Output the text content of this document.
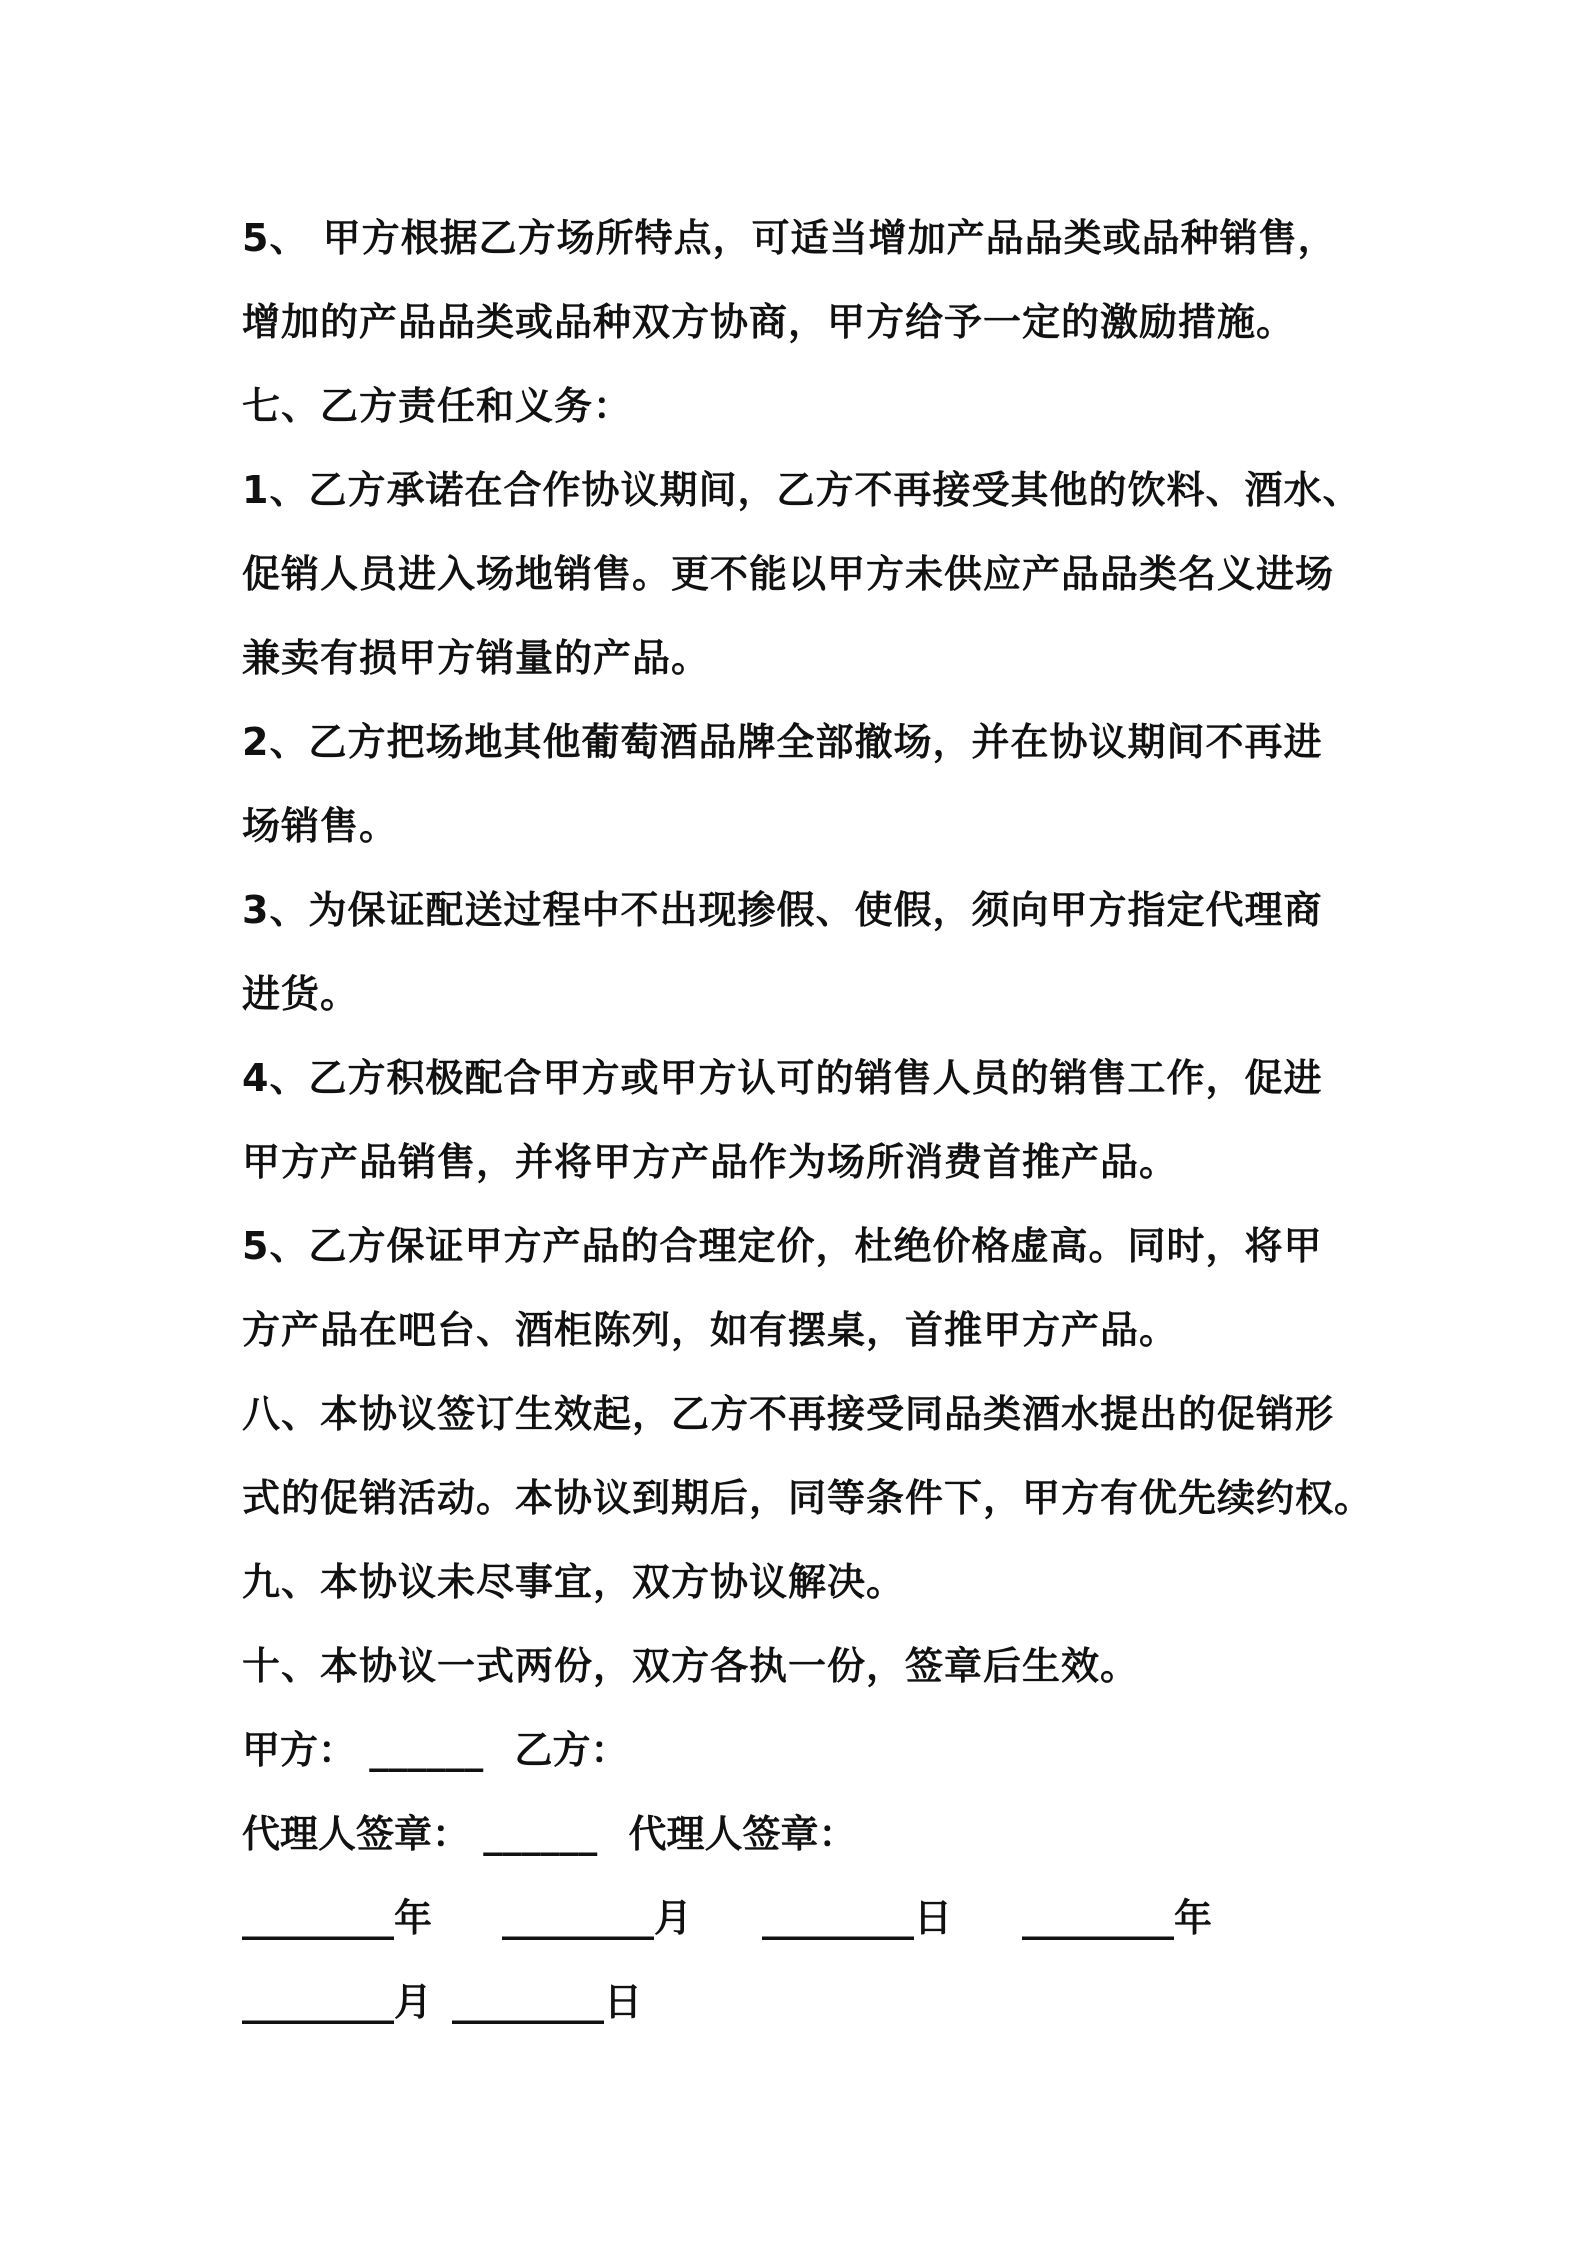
5、 甲方根据乙方场所特点，可适当增加产品品类或品种销售，
增加的产品品类或品种双方协商，甲方给予一定的激励措施。
七、乙方责任和义务：
1、乙方承诺在合作协议期间，乙方不再接受其他的饮料、酒水、
促销人员进入场地销售。更不能以甲方未供应产品品类名义进场
兼卖有损甲方销量的产品。
2、乙方把场地其他葡萄酒品牌全部撤场，并在协议期间不再进
场销售。
3、为保证配送过程中不出现掺假、使假，须向甲方指定代理商
进货。
4、乙方积极配合甲方或甲方认可的销售人员的销售工作，促进
甲方产品销售，并将甲方产品作为场所消费首推产品。
5、乙方保证甲方产品的合理定价，杜绝价格虚高。同时，将甲
方产品在吧台、酒柜陈列，如有摆桌，首推甲方产品。
八、本协议签订生效起，乙方不再接受同品类酒水提出的促销形
式的促销活动。本协议到期后，同等条件下，甲方有优先续约权。
九、本协议未尽事宜，双方协议解决。
十、本协议一式两份，双方各执一份，签章后生效。
甲方： ______ 乙方：
代理人签章： ______ 代理人签章：
________年 ________月 ________日 ________年
________月 ________日
